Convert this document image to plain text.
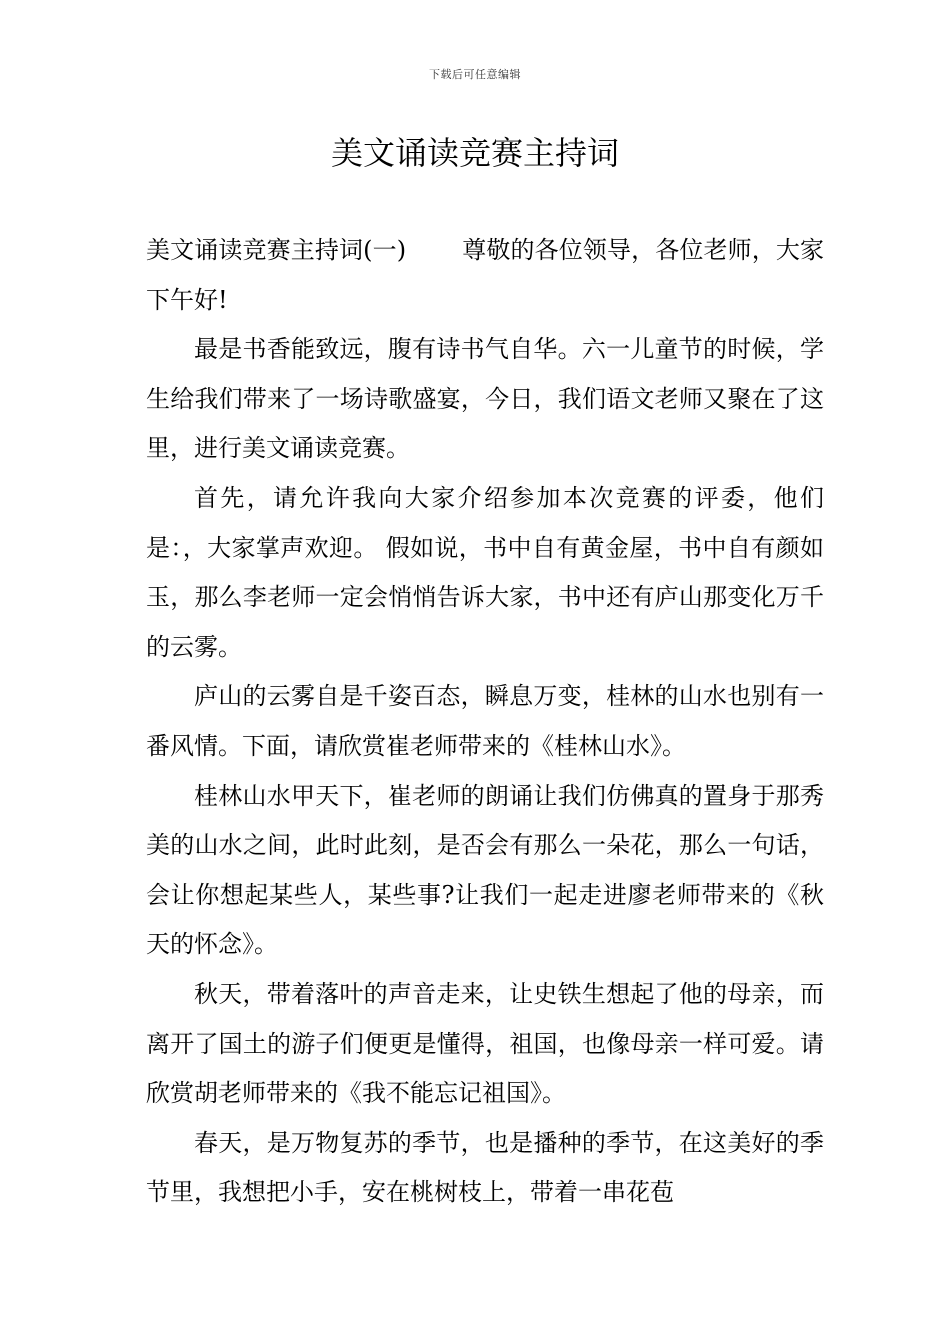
下载后可任意编辑
美文诵读竞赛主持词

美文诵读竞赛主持词(一) 尊敬的各位领导，各位老师，大家下午好!

最是书香能致远，腹有诗书气自华。六一儿童节的时候，学生给我们带来了一场诗歌盛宴，今日，我们语文老师又聚在了这里，进行美文诵读竞赛。

首先，请允许我向大家介绍参加本次竞赛的评委，他们是：，大家掌声欢迎。 假如说，书中自有黄金屋，书中自有颜如玉，那么李老师一定会悄悄告诉大家，书中还有庐山那变化万千的云雾。

庐山的云雾自是千姿百态，瞬息万变，桂林的山水也别有一番风情。下面，请欣赏崔老师带来的《桂林山水》。

桂林山水甲天下，崔老师的朗诵让我们仿佛真的置身于那秀美的山水之间，此时此刻，是否会有那么一朵花，那么一句话，会让你想起某些人，某些事?让我们一起走进廖老师带来的《秋天的怀念》。

秋天，带着落叶的声音走来，让史铁生想起了他的母亲，而离开了国土的游子们便更是懂得，祖国，也像母亲一样可爱。请欣赏胡老师带来的《我不能忘记祖国》。

春天，是万物复苏的季节，也是播种的季节，在这美好的季节里，我想把小手，安在桃树枝上，带着一串花苞
